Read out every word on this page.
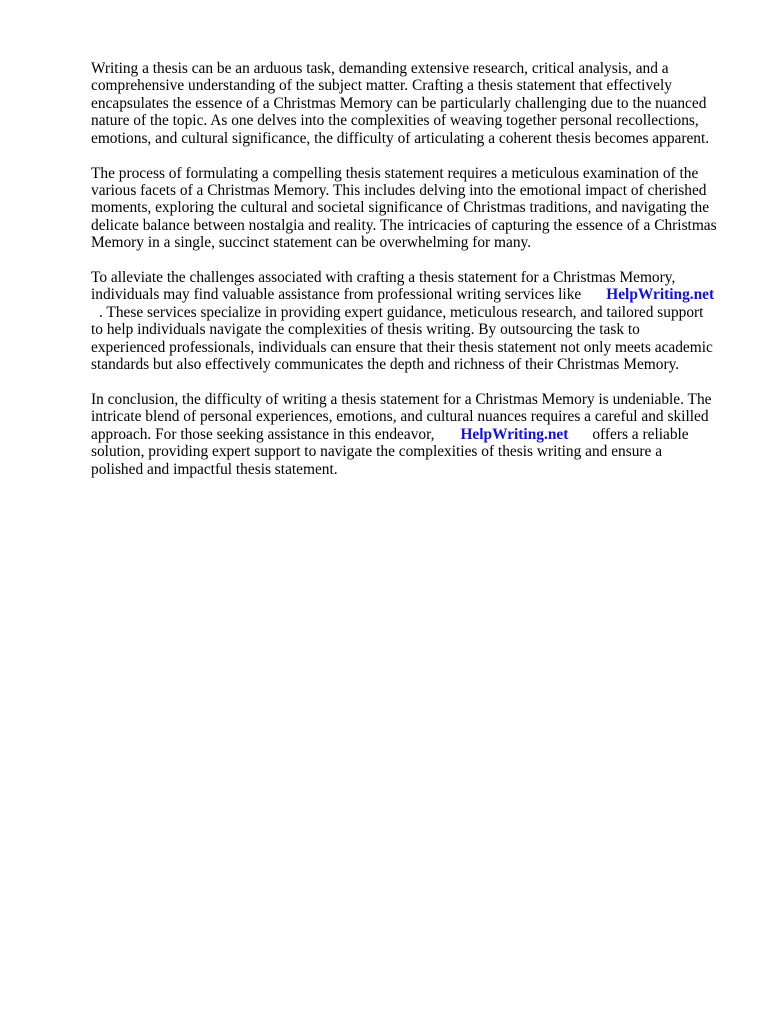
Writing a thesis can be an arduous task, demanding extensive research, critical analysis, and a
comprehensive understanding of the subject matter. Crafting a thesis statement that effectively
encapsulates the essence of a Christmas Memory can be particularly challenging due to the nuanced
nature of the topic. As one delves into the complexities of weaving together personal recollections,
emotions, and cultural significance, the difficulty of articulating a coherent thesis becomes apparent.
The process of formulating a compelling thesis statement requires a meticulous examination of the
various facets of a Christmas Memory. This includes delving into the emotional impact of cherished
moments, exploring the cultural and societal significance of Christmas traditions, and navigating the
delicate balance between nostalgia and reality. The intricacies of capturing the essence of a Christmas
Memory in a single, succinct statement can be overwhelming for many.
To alleviate the challenges associated with crafting a thesis statement for a Christmas Memory,
individuals may find valuable assistance from professional writing services like HelpWriting.net
. These services specialize in providing expert guidance, meticulous research, and tailored support
to help individuals navigate the complexities of thesis writing. By outsourcing the task to
experienced professionals, individuals can ensure that their thesis statement not only meets academic
standards but also effectively communicates the depth and richness of their Christmas Memory.
In conclusion, the difficulty of writing a thesis statement for a Christmas Memory is undeniable. The
intricate blend of personal experiences, emotions, and cultural nuances requires a careful and skilled
approach. For those seeking assistance in this endeavor, HelpWriting.net offers a reliable
solution, providing expert support to navigate the complexities of thesis writing and ensure a
polished and impactful thesis statement.
